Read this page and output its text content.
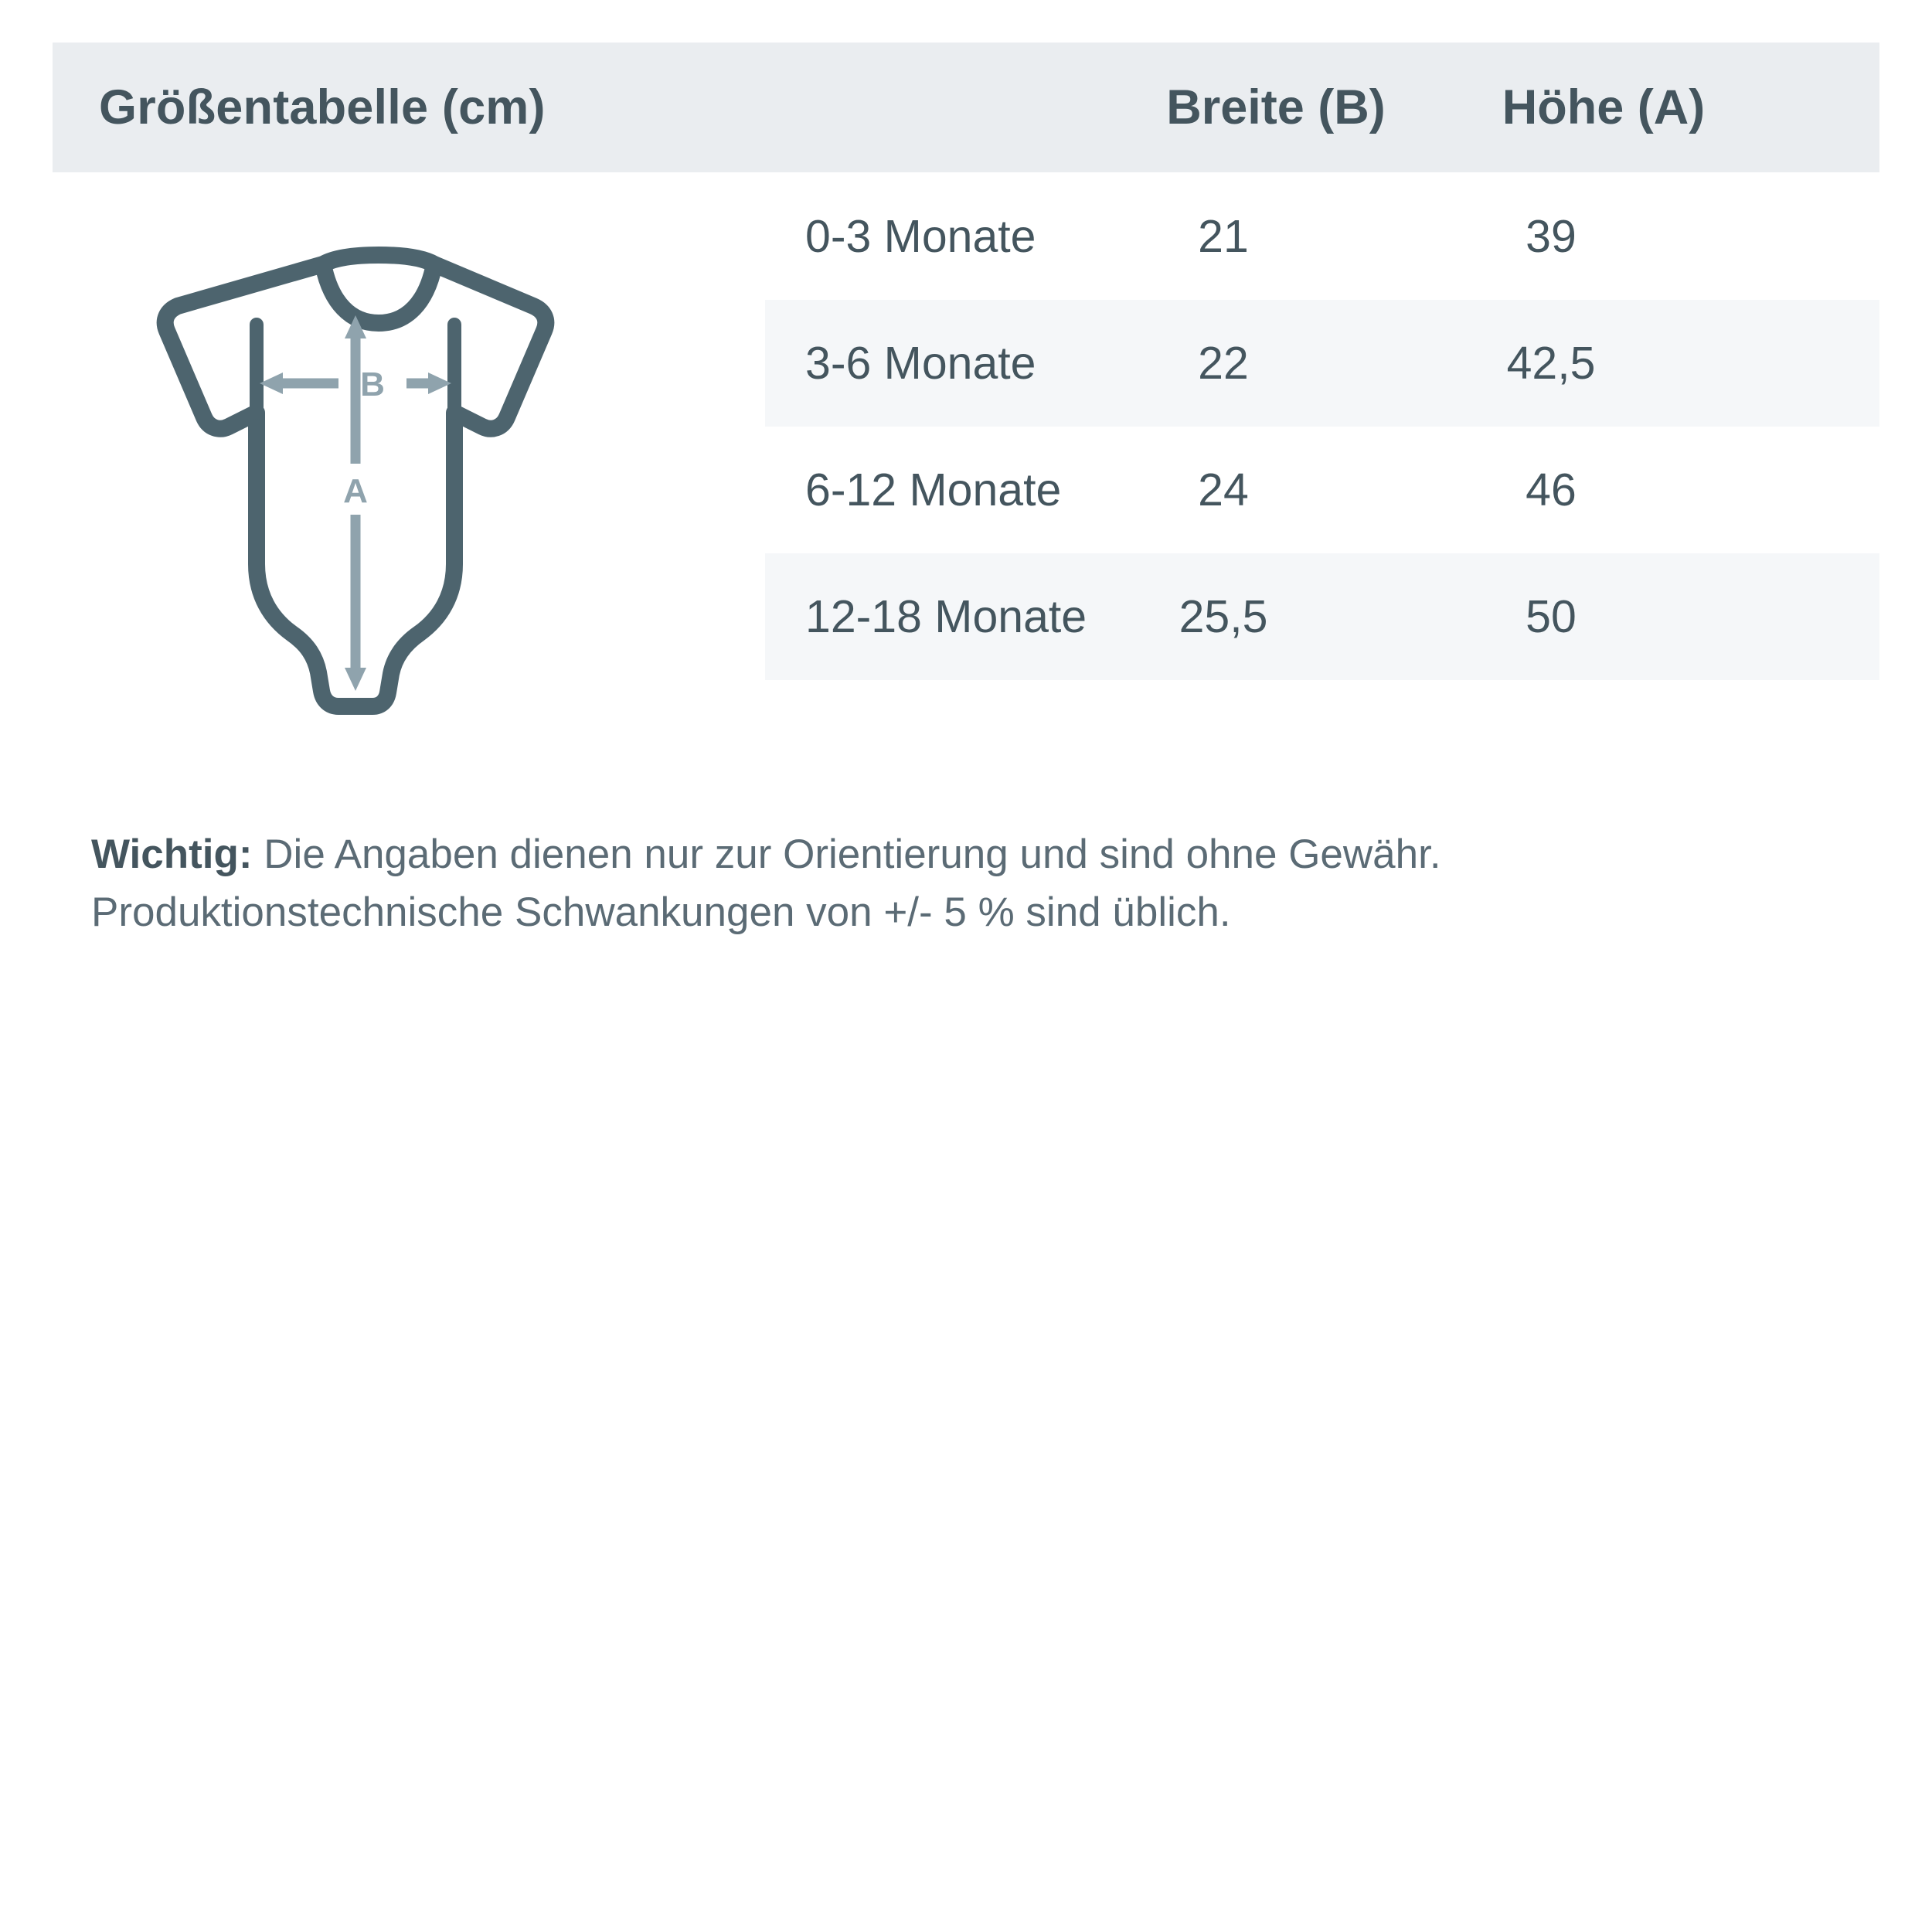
Größentabelle (cm)	Breite (B)	Höhe (A)
B
A
0-3 Monate	21	39
3-6 Monate	22	42,5
6-12 Monate	24	46
12-18 Monate	25,5	50
Wichtig: Die Angaben dienen nur zur Orientierung und sind ohne Gewähr. Produktionstechnische Schwankungen von +/- 5 % sind üblich.
